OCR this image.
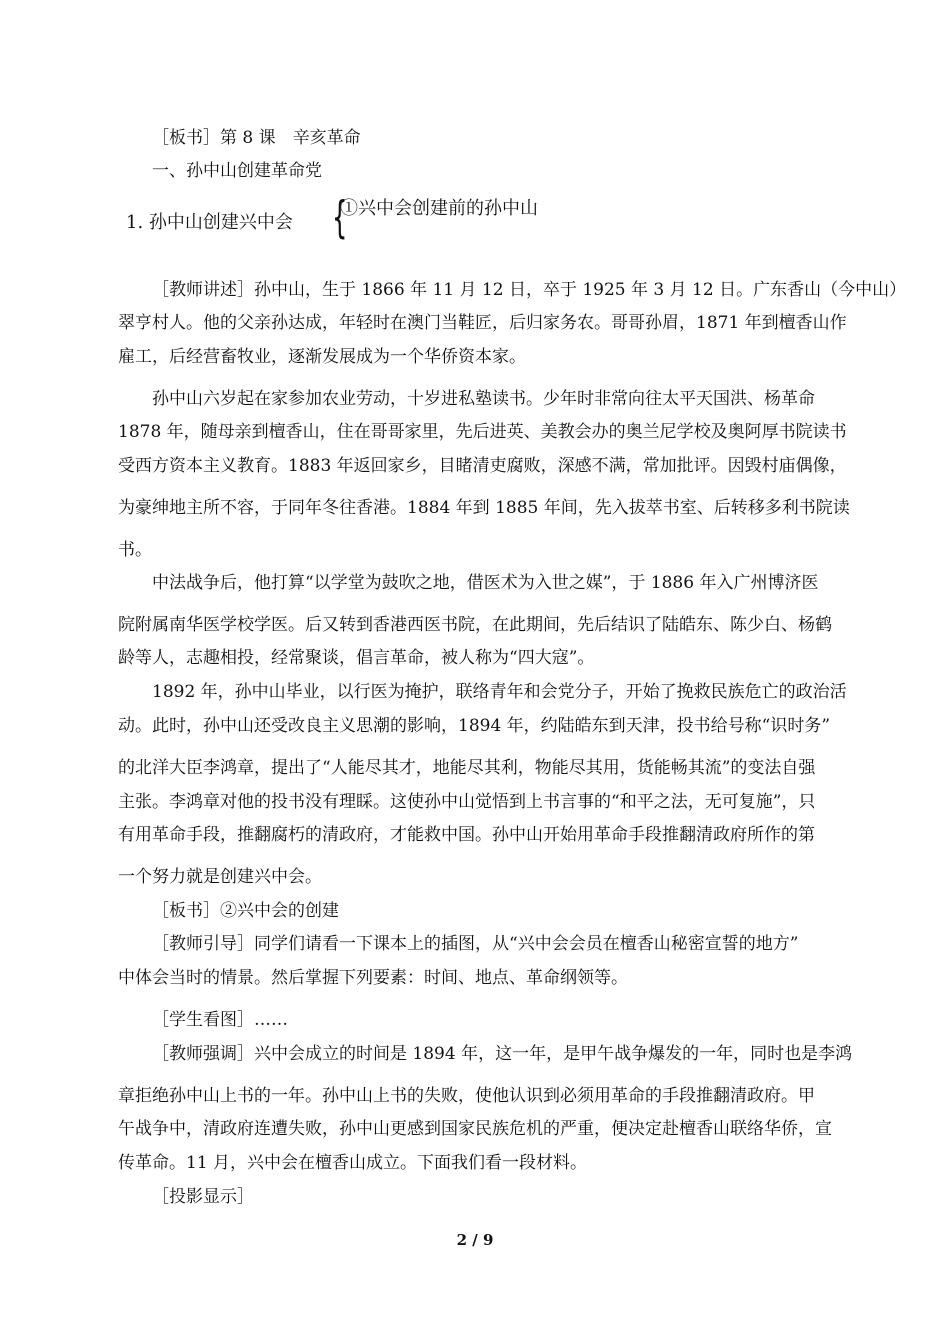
［板书］第 8 课　辛亥革命
一、孙中山创建革命党
1. 孙中山创建兴中会 {
①兴中会创建前的孙中山
［教师讲述］孙中山，生于 1866 年 11 月 12 日，卒于 1925 年 3 月 12 日。广东香山（今中山）
翠亨村人。他的父亲孙达成，年轻时在澳门当鞋匠，后归家务农。哥哥孙眉，1871 年到檀香山作
雇工，后经营畜牧业，逐渐发展成为一个华侨资本家。
孙中山六岁起在家参加农业劳动，十岁进私塾读书。少年时非常向往太平天国洪、杨革命
1878 年，随母亲到檀香山，住在哥哥家里，先后进英、美教会办的奥兰尼学校及奥阿厚书院读书
受西方资本主义教育。1883 年返回家乡，目睹清吏腐败，深感不满，常加批评。因毁村庙偶像，
为豪绅地主所不容，于同年冬往香港。1884 年到 1885 年间，先入拔萃书室、后转移多利书院读
书。
中法战争后，他打算“以学堂为鼓吹之地，借医术为入世之媒”，于 1886 年入广州博济医
院附属南华医学校学医。后又转到香港西医书院，在此期间，先后结识了陆皓东、陈少白、杨鹤
龄等人，志趣相投，经常聚谈，倡言革命，被人称为“四大寇”。
1892 年，孙中山毕业，以行医为掩护，联络青年和会党分子，开始了挽救民族危亡的政治活
动。此时，孙中山还受改良主义思潮的影响，1894 年，约陆皓东到天津，投书给号称“识时务”
的北洋大臣李鸿章，提出了“人能尽其才，地能尽其利，物能尽其用，货能畅其流”的变法自强
主张。李鸿章对他的投书没有理睬。这使孙中山觉悟到上书言事的“和平之法，无可复施”，只
有用革命手段，推翻腐朽的清政府，才能救中国。孙中山开始用革命手段推翻清政府所作的第
一个努力就是创建兴中会。
［板书］②兴中会的创建
［教师引导］同学们请看一下课本上的插图，从“兴中会会员在檀香山秘密宣誓的地方”
中体会当时的情景。然后掌握下列要素：时间、地点、革命纲领等。
［学生看图］……
［教师强调］兴中会成立的时间是 1894 年，这一年，是甲午战争爆发的一年，同时也是李鸿
章拒绝孙中山上书的一年。孙中山上书的失败，使他认识到必须用革命的手段推翻清政府。甲
午战争中，清政府连遭失败，孙中山更感到国家民族危机的严重，便决定赴檀香山联络华侨，宣
传革命。11 月，兴中会在檀香山成立。下面我们看一段材料。
［投影显示］
2 / 9
